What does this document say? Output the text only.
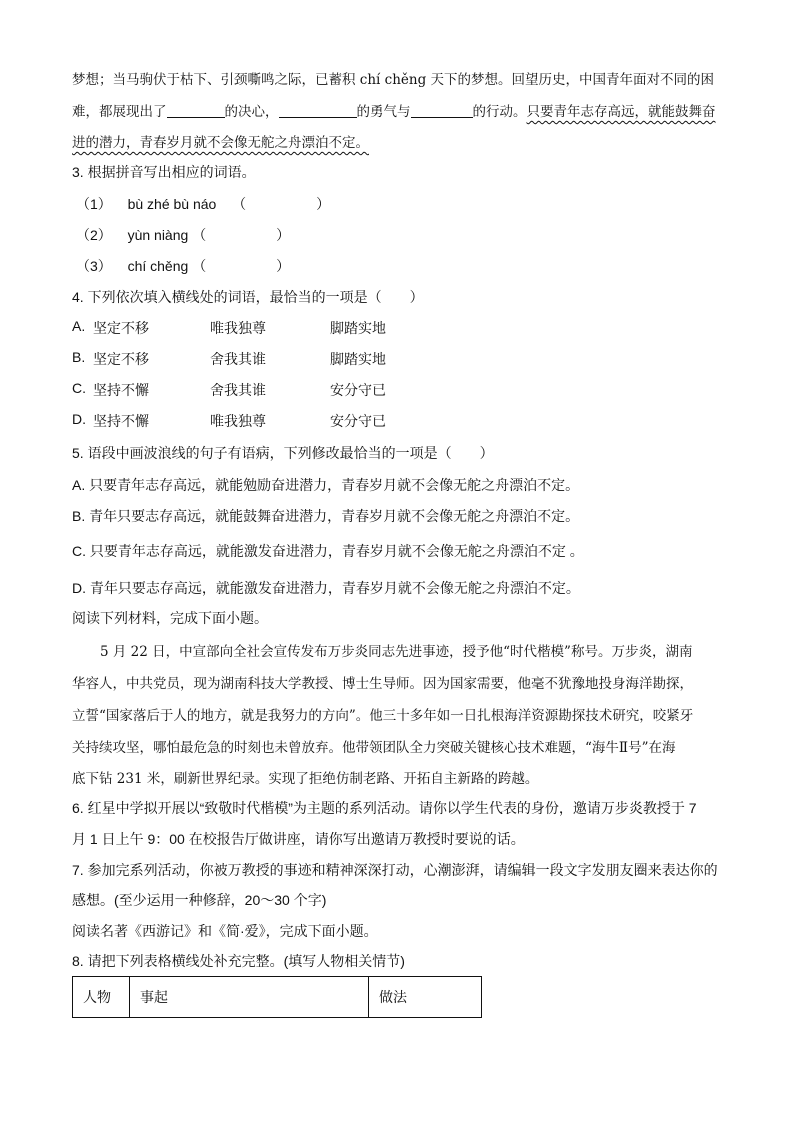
梦想；当马驹伏于枯下、引颈嘶鸣之际，已蓄积 chí chěng 天下的梦想。回望历史，中国青年面对不同的困
难，都展现出了	的决心，	的勇气与	的行动。只要青年志存高远，就能鼓舞奋
进的潜力，青春岁月就不会像无舵之舟漂泊不定。
3. 根据拼音写出相应的词语。
（1） bù zhé bù náo （　　　　　）
（2） yùn niàng （　　　　　）
（3） chí chěng （　　　　　）
4. 下列依次填入横线处的词语，最恰当的一项是（　　）
A. 坚定不移	唯我独尊	脚踏实地
B. 坚定不移	舍我其谁	脚踏实地
C. 坚持不懈	舍我其谁	安分守已
D. 坚持不懈	唯我独尊	安分守已
5. 语段中画波浪线的句子有语病，下列修改最恰当的一项是（　　）
A. 只要青年志存高远，就能勉励奋进潜力，青春岁月就不会像无舵之舟漂泊不定。
B. 青年只要志存高远，就能鼓舞奋进潜力，青春岁月就不会像无舵之舟漂泊不定。
C. 只要青年志存高远，就能激发奋进潜力，青春岁月就不会像无舵之舟漂泊不定 。
D. 青年只要志存高远，就能激发奋进潜力，青春岁月就不会像无舵之舟漂泊不定。
阅读下列材料，完成下面小题。
5 月 22 日，中宣部向全社会宣传发布万步炎同志先进事迹，授予他“时代楷模”称号。万步炎，湖南
华容人，中共党员，现为湖南科技大学教授、博士生导师。因为国家需要，他毫不犹豫地投身海洋勘探，
立誓“国家落后于人的地方，就是我努力的方向”。他三十多年如一日扎根海洋资源勘探技术研究，咬紧牙
关持续攻坚，哪怕最危急的时刻也未曾放弃。他带领团队全力突破关键核心技术难题，“海牛Ⅱ号”在海
底下钻 231 米，刷新世界纪录。实现了拒绝仿制老路、开拓自主新路的跨越。
6. 红星中学拟开展以“致敬时代楷模”为主题的系列活动。请你以学生代表的身份，邀请万步炎教授于 7
月 1 日上午 9：00 在校报告厅做讲座，请你写出邀请万教授时要说的话。
7. 参加完系列活动，你被万教授的事迹和精神深深打动，心潮澎湃，请编辑一段文字发朋友圈来表达你的
感想。(至少运用一种修辞，20～30 个字)
阅读名著《西游记》和《简·爱》，完成下面小题。
8. 请把下列表格横线处补充完整。(填写人物相关情节)
人物	事起	做法
